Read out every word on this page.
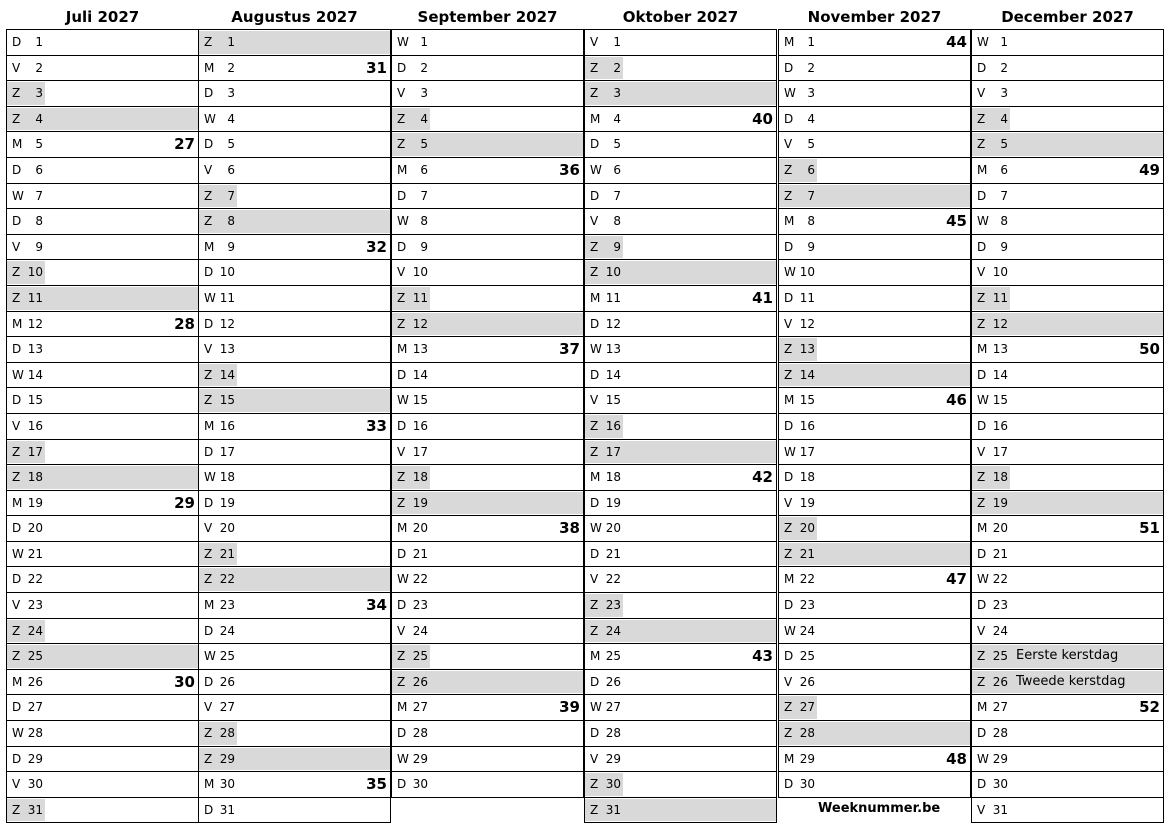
Juli 2027
D	1
V	2
Z	3
Z	4
M	5	27
D	6
W 7
D	8
V	9
Z 10
Z 11
M 12	28
D 13
W 14
D 15
V 16
Z 17
Z 18
M 19	29
D 20
W 21
D 22
V 23
Z 24
Z 25
M 26	30
D 27
W 28
D 29
V 30
Z 31
Augustus 2027
Z	1
M	2	31
D	3
W 4
D	5
V	6
Z	7
Z	8
M	9	32
D 10
W 11
D 12
V 13
Z 14
Z 15
M 16	33
D 17
W 18
D 19
V 20
Z 21
Z 22
M 23	34
D 24
W 25
D 26
V 27
Z 28
Z 29
M 30	35
D 31
September 2027
W 1
D	2
V	3
Z	4
Z	5
M	6	36
D	7
W 8
D	9
V 10
Z 11
Z 12
M 13	37
D 14
W 15
D 16
V 17
Z 18
Z 19
M 20	38
D 21
W 22
D 23
V 24
Z 25
Z 26
M 27	39
D 28
W 29
D 30
Oktober 2027
V	1
Z	2
Z	3
M	4	40
D	5
W 6
D	7
V	8
Z	9
Z 10
M 11	41
D 12
W 13
D 14
V 15
Z 16
Z 17
M 18	42
D 19
W 20
D 21
V 22
Z 23
Z 24
M 25	43
D 26
W 27
D 28
V 29
Z 30
Z 31
November 2027
M	1	44
D	2
W 3
D	4
V	5
Z	6
Z	7
M	8	45
D	9
W 10
D 11
V 12
Z 13
Z 14
M 15	46
D 16
W 17
D 18
V 19
Z 20
Z 21
M 22	47
D 23
W 24
D 25
V 26
Z 27
Z 28
M 29	48
D 30
December 2027
W 1
D	2
V	3
Z	4
Z	5
M	6	49
D	7
W 8
D	9
V 10
Z 11
Z 12
M 13	50
D 14
W 15
D 16
V 17
Z 18
Z 19
M 20	51
D 21
W 22
D 23
V 24
Z 25 Eerste kerstdag
Z 26 Tweede kerstdag
M 27	52
D 28
W 29
D 30
V 31
Weeknummer.be
